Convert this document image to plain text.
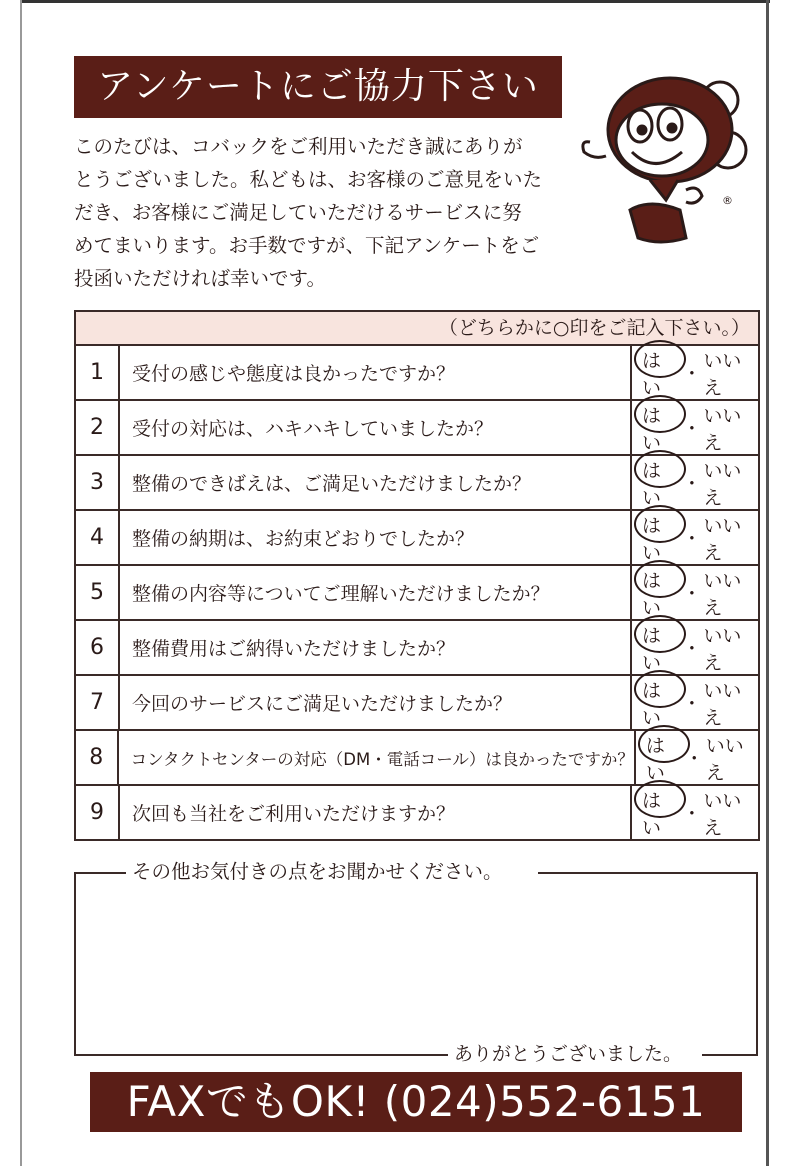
アンケートにご協力下さい
このたびは、コバックをご利用いただき誠にありが
とうございました。私どもは、お客様のご意見をいた
だき、お客様にご満足していただけるサービスに努
めてまいります。お手数ですが、下記アンケートをご
投函いただければ幸いです。
®
（どちらかに○印をご記入下さい。）
1	受付の感じや態度は良かったですか？
はい
・
いいえ
2	受付の対応は、ハキハキしていましたか？
はい
・
いいえ
3	整備のできばえは、ご満足いただけましたか？
はい
・
いいえ
4	整備の納期は、お約束どおりでしたか？
はい
・
いいえ
5	整備の内容等についてご理解いただけましたか？
はい
・
いいえ
6	整備費用はご納得いただけましたか？
はい
・
いいえ
7	今回のサービスにご満足いただけましたか？
はい
・
いいえ
8	コンタクトセンターの対応（DM・電話コール）は良かったですか？
はい
・
いいえ
9	次回も当社をご利用いただけますか？
はい
・
いいえ
その他お気付きの点をお聞かせください。
ありがとうございました。
FAXでもOK! (024)552-6151
